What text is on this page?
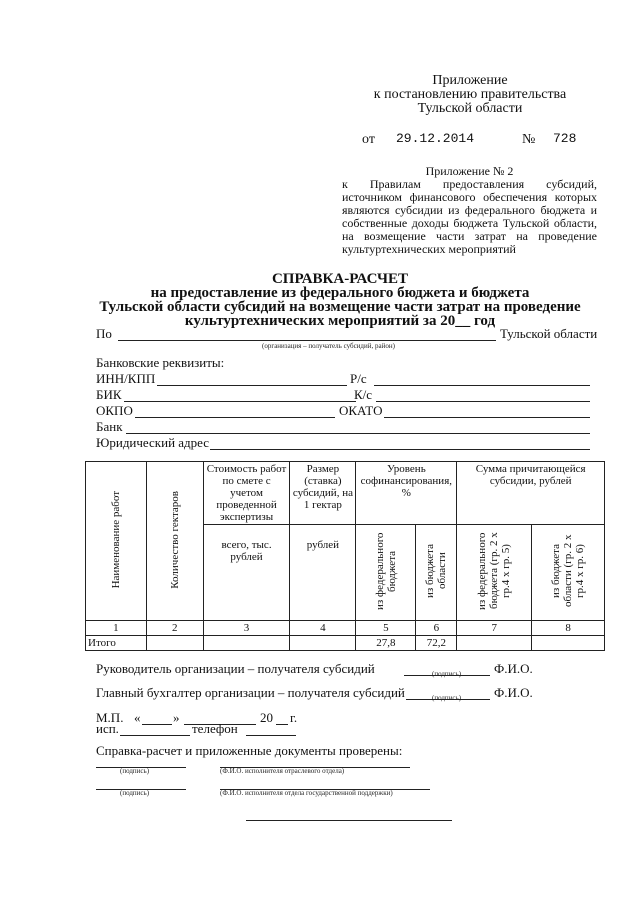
Приложение
к постановлению правительства
Тульской области
от 29.12.2014	№ 728
Приложение № 2
к Правилам предоставления субсидий, источником финансового обеспечения которых являются субсидии из федерального бюджета и собственные доходы бюджета Тульской области, на возмещение части затрат на проведение культуртехнических мероприятий
СПРАВКА-РАСЧЕТ
на предоставление из федерального бюджета и бюджета
Тульской области субсидий на возмещение части затрат на проведение
культуртехнических мероприятий за 20__ год
По	Тульской области
(организация – получатель субсидий, район)
Банковские реквизиты:
ИНН/КПП	Р/с
БИК	К/с
ОКПО	ОКАТО
Банк
Юридический адрес
Наименование работ	Количество гектаров	Стоимость работ по смете с учетом проведенной экспертизы	Размер (ставка) субсидий, на 1 гектар	Уровень софинансирования, %		Сумма причитающейся субсидии, рублей	
		всего, тыс. рублей	рублей	из федерального бюджета	из бюджета области	из федерального бюджета (гр. 2 х гр.4 х гр. 5)	из бюджета области (гр. 2 х гр.4 х гр. 6)
1	2	3	4	5	6	7	8
Итого				27,8	72,2		
Руководитель организации – получателя субсидий	(подпись)	Ф.И.О.
Главный бухгалтер организации – получателя субсидий	(подпись)	Ф.И.О.
М.П. «	»	20 г.
исп.	телефон
Справка-расчет и приложенные документы проверены:
(подпись)	(Ф.И.О. исполнителя отраслевого отдела)
(подпись)	(Ф.И.О. исполнителя отдела государственной поддержки)
